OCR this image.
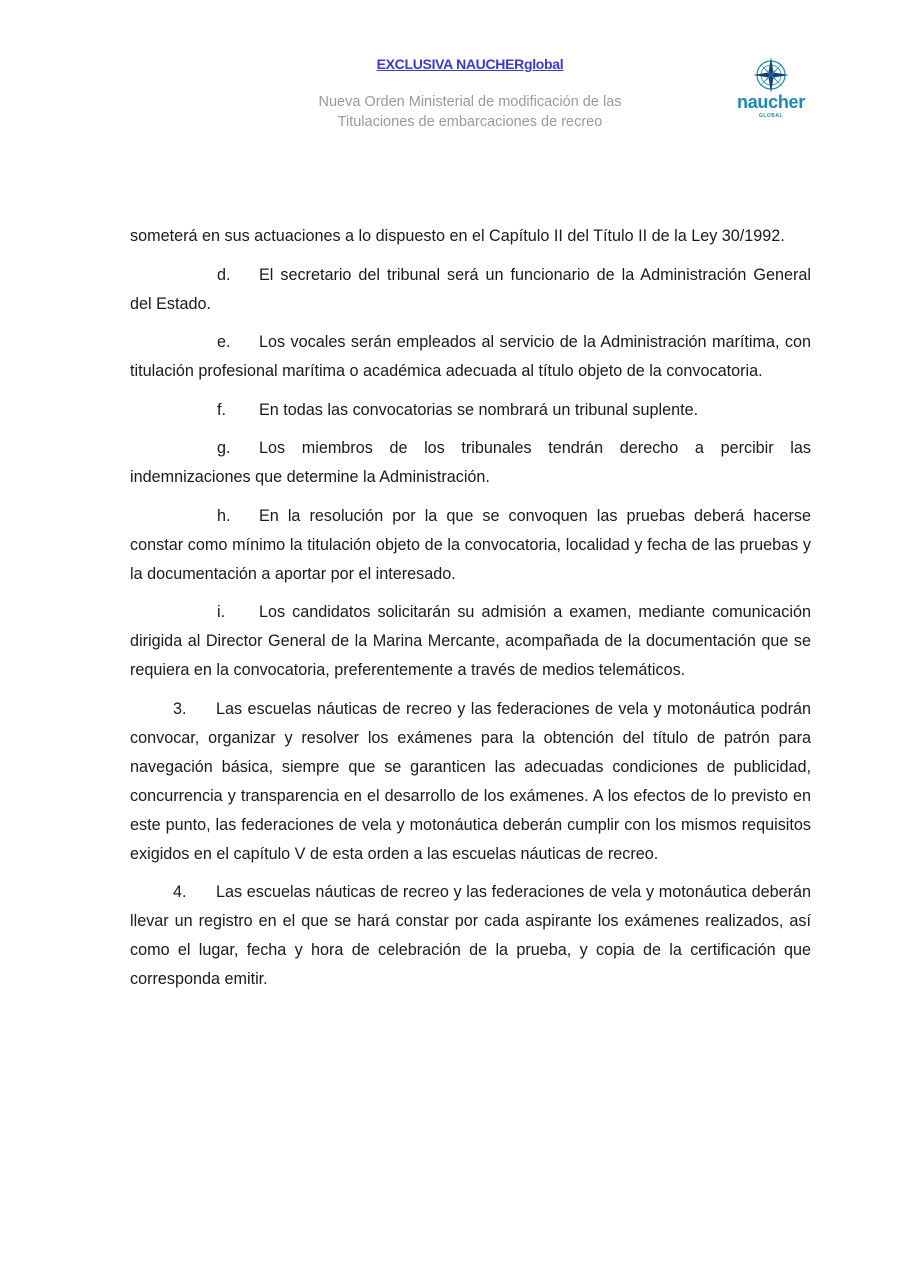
EXCLUSIVA NAUCHERglobal
Nueva Orden Ministerial de modificación de las
Titulaciones de embarcaciones de recreo
naucher
GLOBAL

someterá en sus actuaciones a lo dispuesto en el Capítulo II del Título II de la Ley 30/1992.

d. El secretario del tribunal será un funcionario de la Administración General del Estado.

e. Los vocales serán empleados al servicio de la Administración marítima, con titulación profesional marítima o académica adecuada al título objeto de la convocatoria.

f. En todas las convocatorias se nombrará un tribunal suplente.

g. Los miembros de los tribunales tendrán derecho a percibir las indemnizaciones que determine la Administración.

h. En la resolución por la que se convoquen las pruebas deberá hacerse constar como mínimo la titulación objeto de la convocatoria, localidad y fecha de las pruebas y la documentación a aportar por el interesado.

i. Los candidatos solicitarán su admisión a examen, mediante comunicación dirigida al Director General de la Marina Mercante, acompañada de la documentación que se requiera en la convocatoria, preferentemente a través de medios telemáticos.

3. Las escuelas náuticas de recreo y las federaciones de vela y motonáutica podrán convocar, organizar y resolver los exámenes para la obtención del título de patrón para navegación básica, siempre que se garanticen las adecuadas condiciones de publicidad, concurrencia y transparencia en el desarrollo de los exámenes. A los efectos de lo previsto en este punto, las federaciones de vela y motonáutica deberán cumplir con los mismos requisitos exigidos en el capítulo V de esta orden a las escuelas náuticas de recreo.

4. Las escuelas náuticas de recreo y las federaciones de vela y motonáutica deberán llevar un registro en el que se hará constar por cada aspirante los exámenes realizados, así como el lugar, fecha y hora de celebración de la prueba, y copia de la certificación que corresponda emitir.
